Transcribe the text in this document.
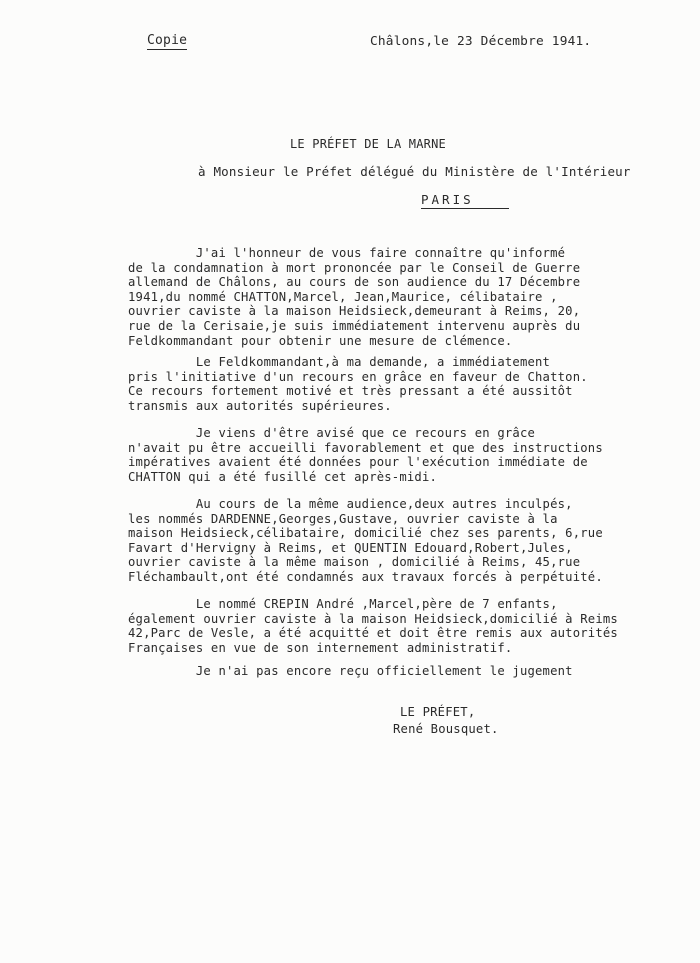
Copie	Châlons,le 23 Décembre 1941.
LE PRÉFET DE LA MARNE
à Monsieur le Préfet délégué du Ministère de l'Intérieur
PARIS
J'ai l'honneur de vous faire connaître qu'informé
de la condamnation à mort prononcée par le Conseil de Guerre
allemand de Châlons, au cours de son audience du 17 Décembre
1941,du nommé CHATTON,Marcel, Jean,Maurice, célibataire ,
ouvrier caviste à la maison Heidsieck,demeurant à Reims, 20,
rue de la Cerisaie,je suis immédiatement intervenu auprès du
Feldkommandant pour obtenir une mesure de clémence.
Le Feldkommandant,à ma demande, a immédiatement
pris l'initiative d'un recours en grâce en faveur de Chatton.
Ce recours fortement motivé et très pressant a été aussitôt
transmis aux autorités supérieures.
Je viens d'être avisé que ce recours en grâce
n'avait pu être accueilli favorablement et que des instructions
impératives avaient été données pour l'exécution immédiate de
CHATTON qui a été fusillé cet après-midi.
Au cours de la même audience,deux autres inculpés,
les nommés DARDENNE,Georges,Gustave, ouvrier caviste à la
maison Heidsieck,célibataire, domicilié chez ses parents, 6,rue
Favart d'Hervigny à Reims, et QUENTIN Edouard,Robert,Jules,
ouvrier caviste à la même maison , domicilié à Reims, 45,rue
Fléchambault,ont été condamnés aux travaux forcés à perpétuité.
Le nommé CREPIN André ,Marcel,père de 7 enfants,
également ouvrier caviste à la maison Heidsieck,domicilié à Reims
42,Parc de Vesle, a été acquitté et doit être remis aux autorités
Françaises en vue de son internement administratif.
Je n'ai pas encore reçu officiellement le jugement
LE PRÉFET,
René Bousquet.
